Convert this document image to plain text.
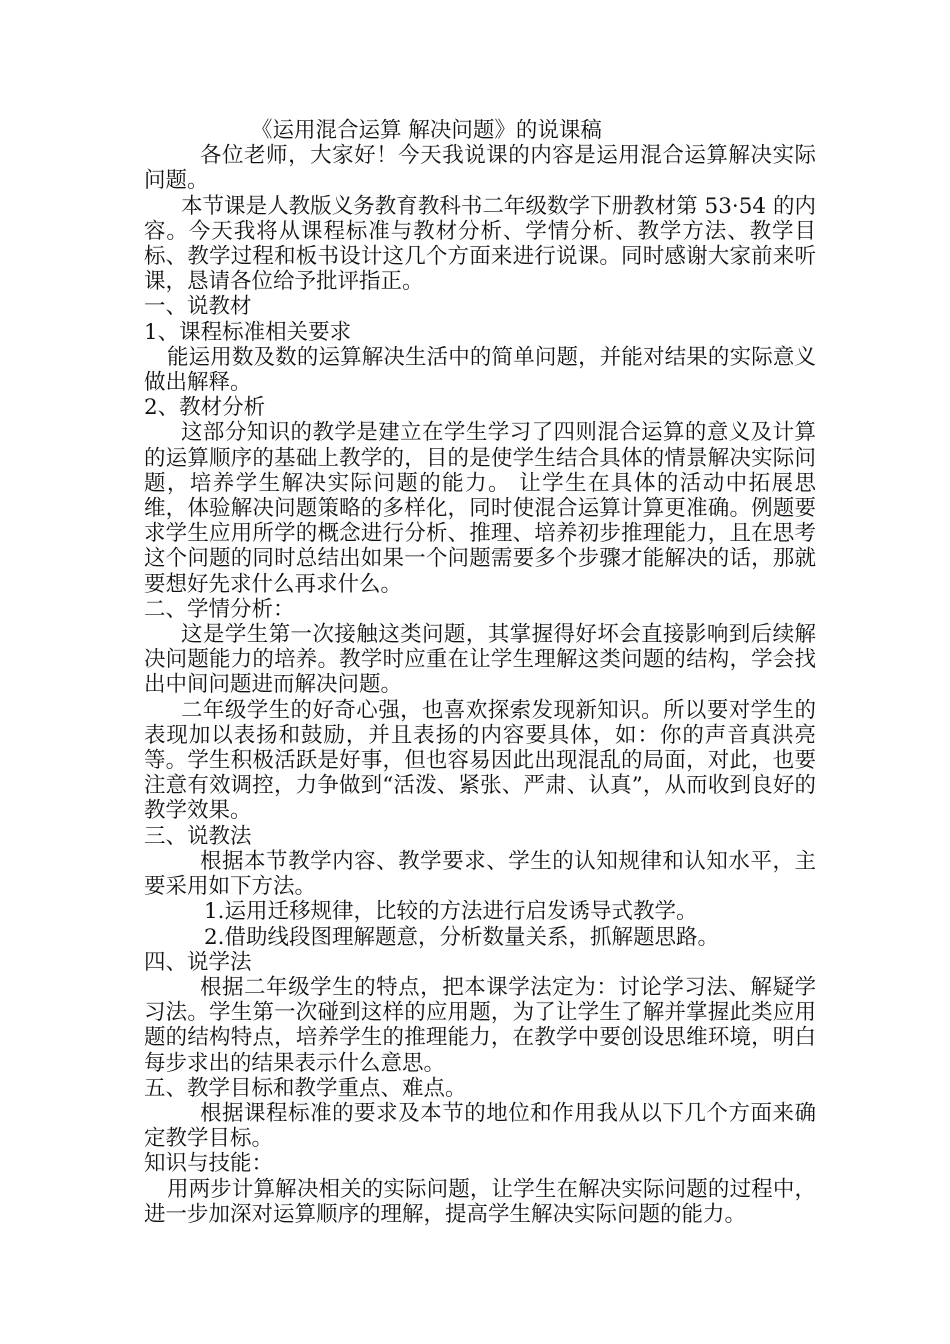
《运用混合运算 解决问题》的说课稿

各位老师，大家好！今天我说课的内容是运用混合运算解决实际问题。

本节课是人教版义务教育教科书二年级数学下册教材第 53·54 的内容。今天我将从课程标准与教材分析、学情分析、教学方法、教学目标、教学过程和板书设计这几个方面来进行说课。同时感谢大家前来听课，恳请各位给予批评指正。

一、说教材

1、课程标准相关要求

能运用数及数的运算解决生活中的简单问题，并能对结果的实际意义做出解释。

2、教材分析

这部分知识的教学是建立在学生学习了四则混合运算的意义及计算的运算顺序的基础上教学的，目的是使学生结合具体的情景解决实际问题，培养学生解决实际问题的能力。 让学生在具体的活动中拓展思维，体验解决问题策略的多样化，同时使混合运算计算更准确。例题要求学生应用所学的概念进行分析、推理、培养初步推理能力，且在思考这个问题的同时总结出如果一个问题需要多个步骤才能解决的话，那就要想好先求什么再求什么。

二、学情分析：

这是学生第一次接触这类问题，其掌握得好坏会直接影响到后续解决问题能力的培养。教学时应重在让学生理解这类问题的结构，学会找出中间问题进而解决问题。

二年级学生的好奇心强，也喜欢探索发现新知识。所以要对学生的表现加以表扬和鼓励，并且表扬的内容要具体，如：你的声音真洪亮等。学生积极活跃是好事，但也容易因此出现混乱的局面，对此，也要注意有效调控，力争做到“活泼、紧张、严肃、认真”，从而收到良好的教学效果。

三、说教法

根据本节教学内容、教学要求、学生的认知规律和认知水平，主要采用如下方法。

1.运用迁移规律，比较的方法进行启发诱导式教学。

2.借助线段图理解题意，分析数量关系，抓解题思路。

四、说学法

根据二年级学生的特点，把本课学法定为：讨论学习法、解疑学习法。学生第一次碰到这样的应用题，为了让学生了解并掌握此类应用题的结构特点，培养学生的推理能力，在教学中要创设思维环境，明白每步求出的结果表示什么意思。

五、教学目标和教学重点、难点。

根据课程标准的要求及本节的地位和作用我从以下几个方面来确定教学目标。

知识与技能：

用两步计算解决相关的实际问题，让学生在解决实际问题的过程中，进一步加深对运算顺序的理解，提高学生解决实际问题的能力。
